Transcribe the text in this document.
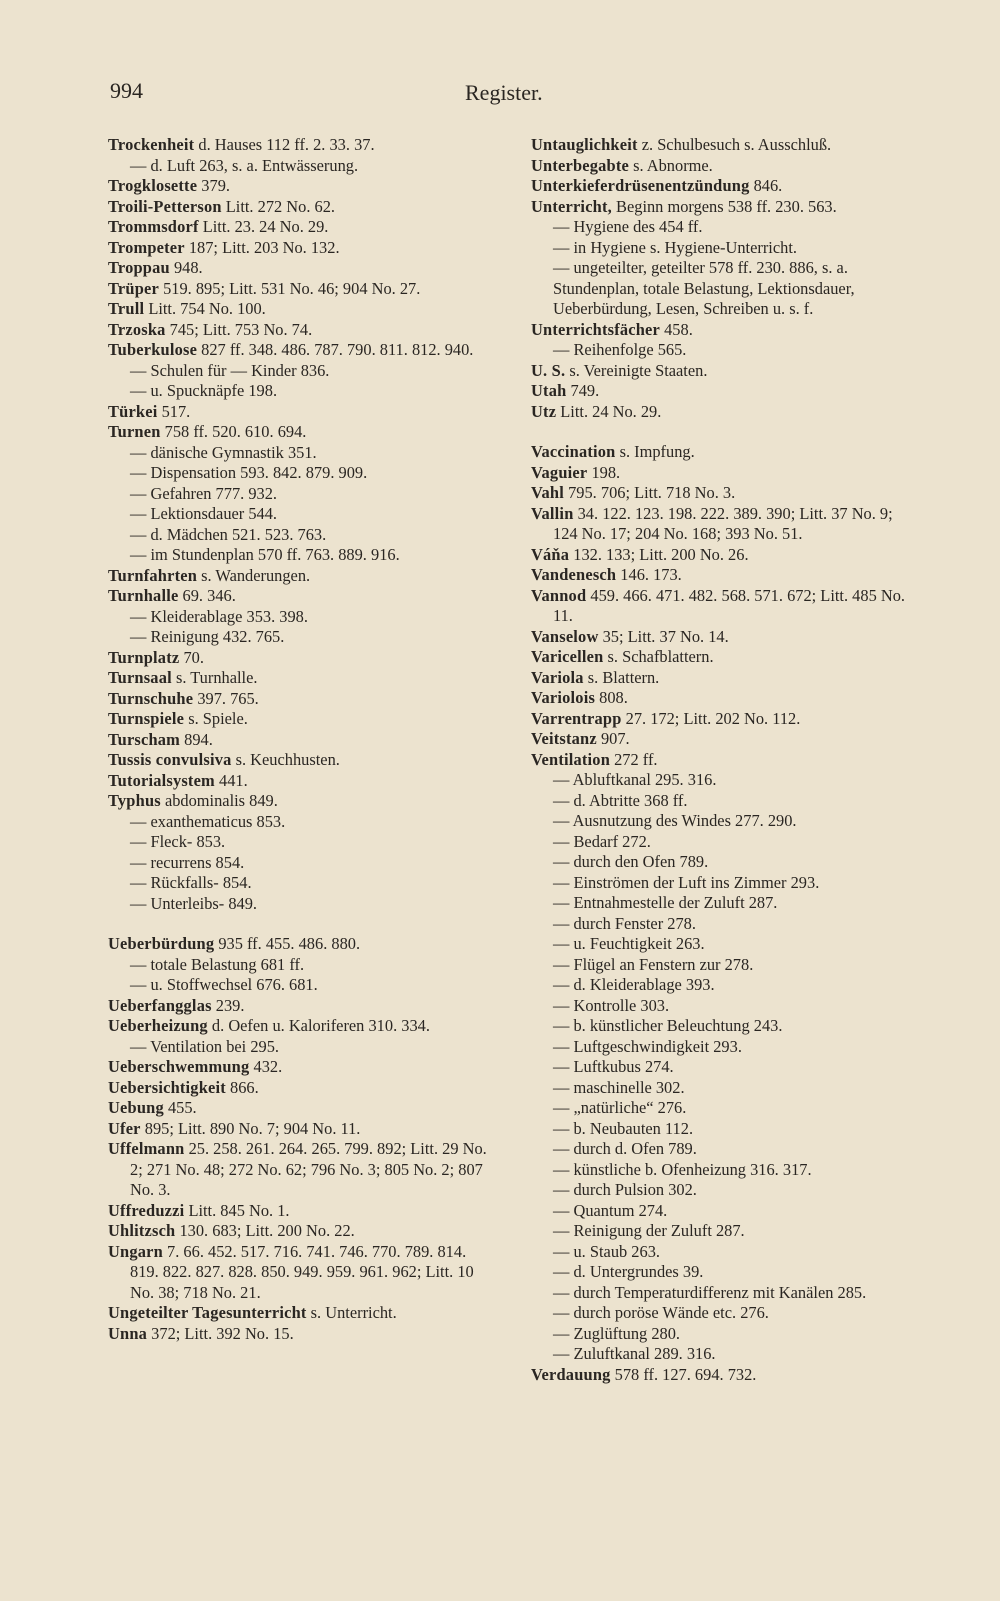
994	Register.

Trockenheit d. Hauses 112 ff. 2. 33. 37.

— d. Luft 263, s. a. Entwässerung.

Trogklosette 379.

Troili-Petterson Litt. 272 No. 62.

Trommsdorf Litt. 23. 24 No. 29.

Trompeter 187; Litt. 203 No. 132.

Troppau 948.

Trüper 519. 895; Litt. 531 No. 46; 904 No. 27.

Trull Litt. 754 No. 100.

Trzoska 745; Litt. 753 No. 74.

Tuberkulose 827 ff. 348. 486. 787. 790. 811. 812. 940.

— Schulen für — Kinder 836.

— u. Spucknäpfe 198.

Türkei 517.

Turnen 758 ff. 520. 610. 694.

— dänische Gymnastik 351.

— Dispensation 593. 842. 879. 909.

— Gefahren 777. 932.

— Lektionsdauer 544.

— d. Mädchen 521. 523. 763.

— im Stundenplan 570 ff. 763. 889. 916.

Turnfahrten s. Wanderungen.

Turnhalle 69. 346.

— Kleiderablage 353. 398.

— Reinigung 432. 765.

Turnplatz 70.

Turnsaal s. Turnhalle.

Turnschuhe 397. 765.

Turnspiele s. Spiele.

Turscham 894.

Tussis convulsiva s. Keuchhusten.

Tutorialsystem 441.

Typhus abdominalis 849.

— exanthematicus 853.

— Fleck- 853.

— recurrens 854.

— Rückfalls- 854.

— Unterleibs- 849.

Ueberbürdung 935 ff. 455. 486. 880.

— totale Belastung 681 ff.

— u. Stoffwechsel 676. 681.

Ueberfangglas 239.

Ueberheizung d. Oefen u. Kaloriferen 310. 334.

— Ventilation bei 295.

Ueberschwemmung 432.

Uebersichtigkeit 866.

Uebung 455.

Ufer 895; Litt. 890 No. 7; 904 No. 11.

Uffelmann 25. 258. 261. 264. 265. 799. 892; Litt. 29 No. 2; 271 No. 48; 272 No. 62; 796 No. 3; 805 No. 2; 807 No. 3.

Uffreduzzi Litt. 845 No. 1.

Uhlitzsch 130. 683; Litt. 200 No. 22.

Ungarn 7. 66. 452. 517. 716. 741. 746. 770. 789. 814. 819. 822. 827. 828. 850. 949. 959. 961. 962; Litt. 10 No. 38; 718 No. 21.

Ungeteilter Tagesunterricht s. Unterricht.

Unna 372; Litt. 392 No. 15.

Untauglichkeit z. Schulbesuch s. Ausschluß.

Unterbegabte s. Abnorme.

Unterkieferdrüsenentzündung 846.

Unterricht, Beginn morgens 538 ff. 230. 563.

— Hygiene des 454 ff.

— in Hygiene s. Hygiene-Unterricht.

— ungeteilter, geteilter 578 ff. 230. 886, s. a. Stundenplan, totale Belastung, Lektionsdauer, Ueberbürdung, Lesen, Schreiben u. s. f.

Unterrichtsfächer 458.

— Reihenfolge 565.

U. S. s. Vereinigte Staaten.

Utah 749.

Utz Litt. 24 No. 29.

Vaccination s. Impfung.

Vaguier 198.

Vahl 795. 706; Litt. 718 No. 3.

Vallin 34. 122. 123. 198. 222. 389. 390; Litt. 37 No. 9; 124 No. 17; 204 No. 168; 393 No. 51.

Váňa 132. 133; Litt. 200 No. 26.

Vandenesch 146. 173.

Vannod 459. 466. 471. 482. 568. 571. 672; Litt. 485 No. 11.

Vanselow 35; Litt. 37 No. 14.

Varicellen s. Schafblattern.

Variola s. Blattern.

Variolois 808.

Varrentrapp 27. 172; Litt. 202 No. 112.

Veitstanz 907.

Ventilation 272 ff.

— Abluftkanal 295. 316.

— d. Abtritte 368 ff.

— Ausnutzung des Windes 277. 290.

— Bedarf 272.

— durch den Ofen 789.

— Einströmen der Luft ins Zimmer 293.

— Entnahmestelle der Zuluft 287.

— durch Fenster 278.

— u. Feuchtigkeit 263.

— Flügel an Fenstern zur 278.

— d. Kleiderablage 393.

— Kontrolle 303.

— b. künstlicher Beleuchtung 243.

— Luftgeschwindigkeit 293.

— Luftkubus 274.

— maschinelle 302.

— „natürliche“ 276.

— b. Neubauten 112.

— durch d. Ofen 789.

— künstliche b. Ofenheizung 316. 317.

— durch Pulsion 302.

— Quantum 274.

— Reinigung der Zuluft 287.

— u. Staub 263.

— d. Untergrundes 39.

— durch Temperaturdifferenz mit Kanälen 285.

— durch poröse Wände etc. 276.

— Zuglüftung 280.

— Zuluftkanal 289. 316.

Verdauung 578 ff. 127. 694. 732.
